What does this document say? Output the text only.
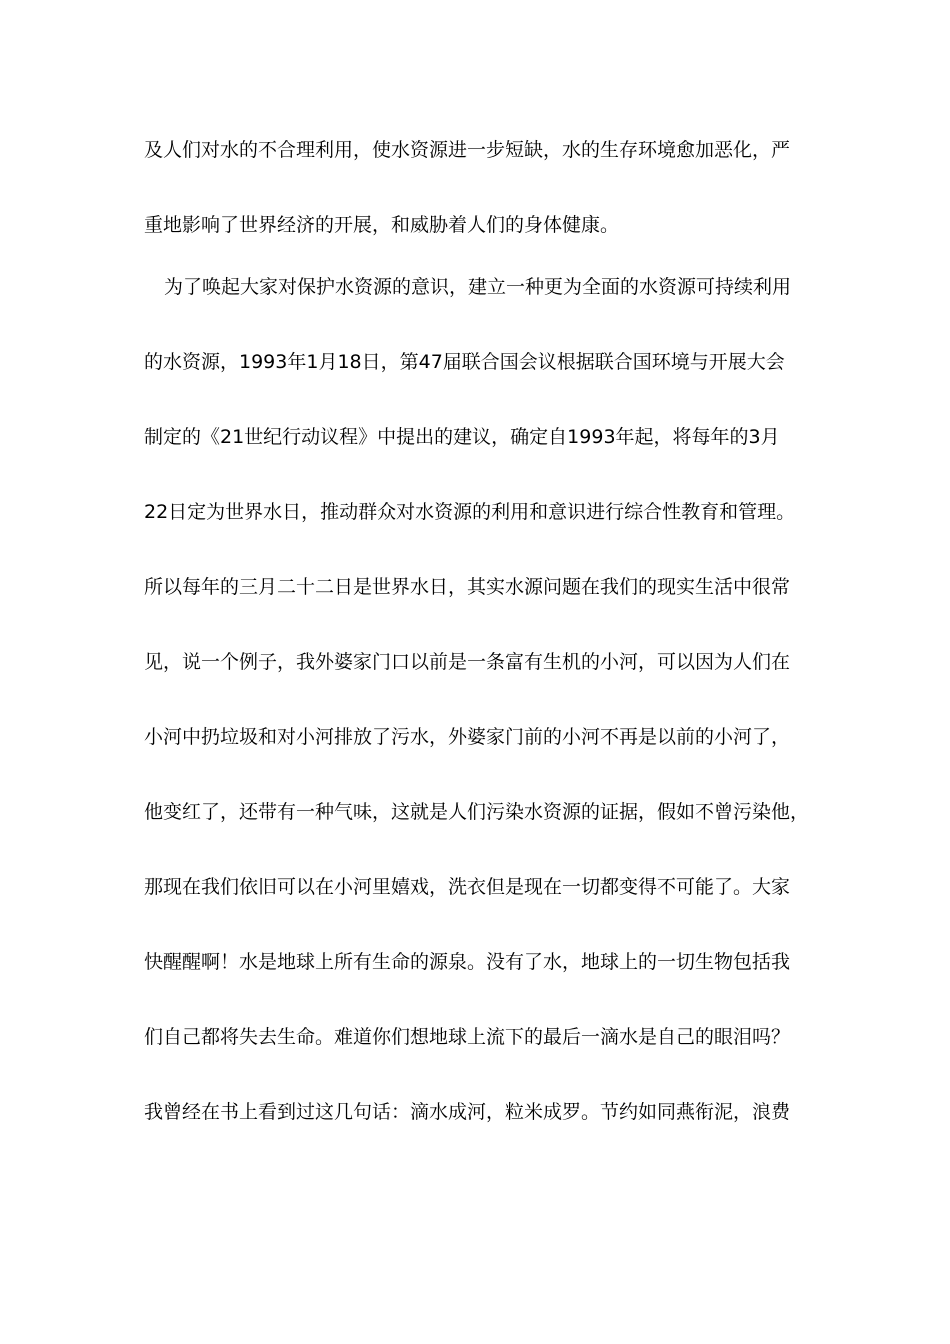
及人们对水的不合理利用，使水资源进一步短缺，水的生存环境愈加恶化，严
重地影响了世界经济的开展，和威胁着人们的身体健康。
为了唤起大家对保护水资源的意识，建立一种更为全面的水资源可持续利用
的水资源，1993年1月18日，第47届联合国会议根据联合国环境与开展大会
制定的《21世纪行动议程》中提出的建议，确定自1993年起，将每年的3月
22日定为世界水日，推动群众对水资源的利用和意识进行综合性教育和管理。
所以每年的三月二十二日是世界水日，其实水源问题在我们的现实生活中很常
见，说一个例子，我外婆家门口以前是一条富有生机的小河，可以因为人们在
小河中扔垃圾和对小河排放了污水，外婆家门前的小河不再是以前的小河了，
他变红了，还带有一种气味，这就是人们污染水资源的证据，假如不曾污染他，
那现在我们依旧可以在小河里嬉戏，洗衣但是现在一切都变得不可能了。大家
快醒醒啊！水是地球上所有生命的源泉。没有了水，地球上的一切生物包括我
们自己都将失去生命。难道你们想地球上流下的最后一滴水是自己的眼泪吗？
我曾经在书上看到过这几句话：滴水成河，粒米成罗。节约如同燕衔泥，浪费
